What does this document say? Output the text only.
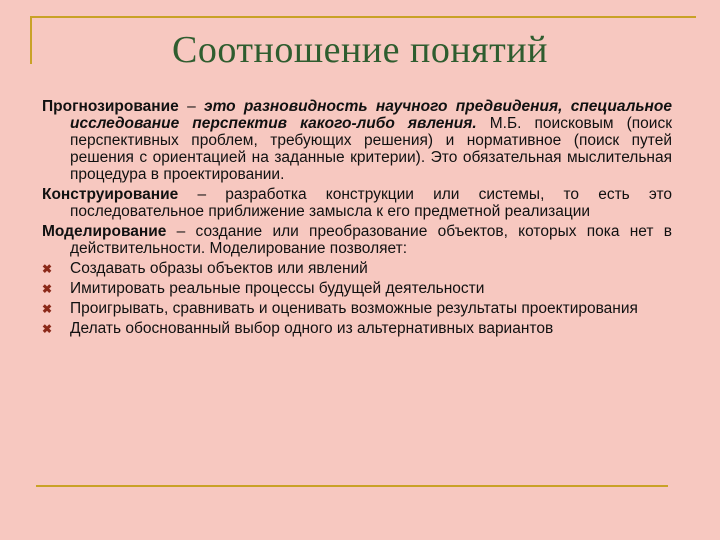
Соотношение понятий

Прогнозирование – это разновидность научного предвидения, специальное исследование перспектив какого-либо явления. М.Б. поисковым (поиск перспективных проблем, требующих решения) и нормативное (поиск путей решения с ориентацией на заданные критерии). Это обязательная мыслительная процедура в проектировании.

Конструирование – разработка конструкции или системы, то есть это последовательное приближение замысла к его предметной реализации

Моделирование – создание или преобразование объектов, которых пока нет в действительности. Моделирование позволяет:

✖ Создавать образы объектов или явлений
✖ Имитировать реальные процессы будущей деятельности
✖ Проигрывать, сравнивать и оценивать возможные результаты проектирования
✖ Делать обоснованный выбор одного из альтернативных вариантов
